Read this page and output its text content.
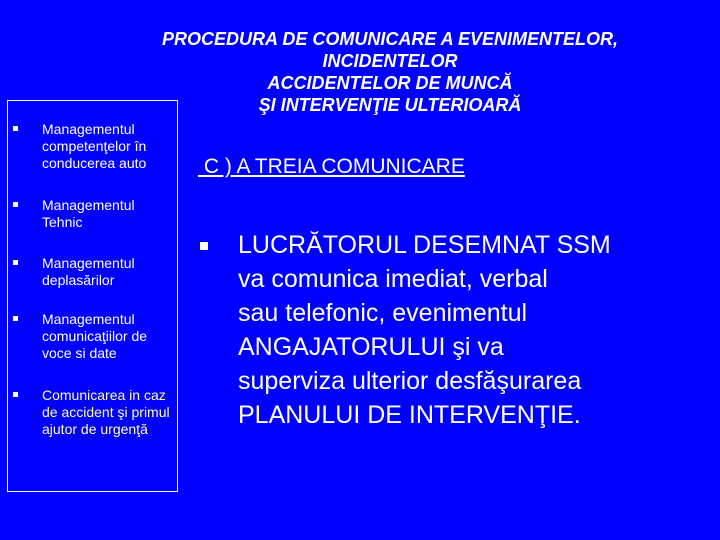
PROCEDURA DE COMUNICARE A EVENIMENTELOR,
INCIDENTELOR
ACCIDENTELOR DE MUNCĂ
ŞI INTERVENŢIE ULTERIOARĂ
Managementul competenţelor în conducerea auto
Managementul Tehnic
Managementul deplasărilor
Managementul comunicaţiilor de voce si date
Comunicarea in caz de accident şi primul ajutor de urgenţă
C ) A TREIA COMUNICARE
LUCRĂTORUL DESEMNAT SSM
va comunica imediat, verbal
sau telefonic, evenimentul
ANGAJATORULUI şi va
superviza ulterior desfăşurarea
PLANULUI DE INTERVENŢIE.
